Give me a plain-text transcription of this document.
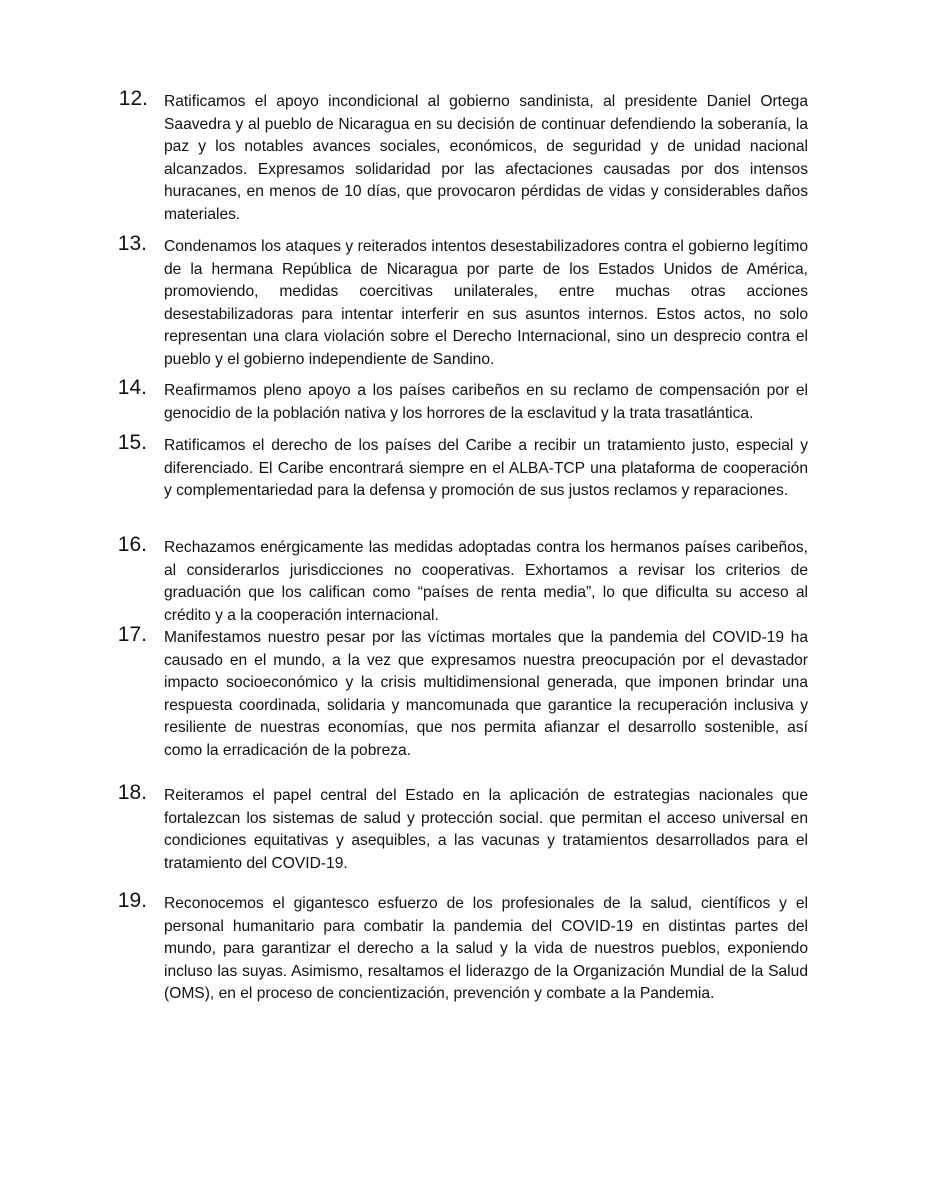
12. Ratificamos el apoyo incondicional al gobierno sandinista, al presidente Daniel Ortega Saavedra y al pueblo de Nicaragua en su decisión de continuar defendiendo la soberanía, la paz y los notables avances sociales, económicos, de seguridad y de unidad nacional alcanzados. Expresamos solidaridad por las afectaciones causadas por dos intensos huracanes, en menos de 10 días, que provocaron pérdidas de vidas y considerables daños materiales.
13. Condenamos los ataques y reiterados intentos desestabilizadores contra el gobierno legítimo de la hermana República de Nicaragua por parte de los Estados Unidos de América, promoviendo, medidas coercitivas unilaterales, entre muchas otras acciones desestabilizadoras para intentar interferir en sus asuntos internos. Estos actos, no solo representan una clara violación sobre el Derecho Internacional, sino un desprecio contra el pueblo y el gobierno independiente de Sandino.
14. Reafirmamos pleno apoyo a los países caribeños en su reclamo de compensación por el genocidio de la población nativa y los horrores de la esclavitud y la trata trasatlántica.
15. Ratificamos el derecho de los países del Caribe a recibir un tratamiento justo, especial y diferenciado. El Caribe encontrará siempre en el ALBA-TCP una plataforma de cooperación y complementariedad para la defensa y promoción de sus justos reclamos y reparaciones.
16. Rechazamos enérgicamente las medidas adoptadas contra los hermanos países caribeños, al considerarlos jurisdicciones no cooperativas. Exhortamos a revisar los criterios de graduación que los califican como “países de renta media”, lo que dificulta su acceso al crédito y a la cooperación internacional.
17. Manifestamos nuestro pesar por las víctimas mortales que la pandemia del COVID-19 ha causado en el mundo, a la vez que expresamos nuestra preocupación por el devastador impacto socioeconómico y la crisis multidimensional generada, que imponen brindar una respuesta coordinada, solidaria y mancomunada que garantice la recuperación inclusiva y resiliente de nuestras economías, que nos permita afianzar el desarrollo sostenible, así como la erradicación de la pobreza.
18. Reiteramos el papel central del Estado en la aplicación de estrategias nacionales que fortalezcan los sistemas de salud y protección social. que permitan el acceso universal en condiciones equitativas y asequibles, a las vacunas y tratamientos desarrollados para el tratamiento del COVID-19.
19. Reconocemos el gigantesco esfuerzo de los profesionales de la salud, científicos y el personal humanitario para combatir la pandemia del COVID-19 en distintas partes del mundo, para garantizar el derecho a la salud y la vida de nuestros pueblos, exponiendo incluso las suyas. Asimismo, resaltamos el liderazgo de la Organización Mundial de la Salud (OMS), en el proceso de concientización, prevención y combate a la Pandemia.
